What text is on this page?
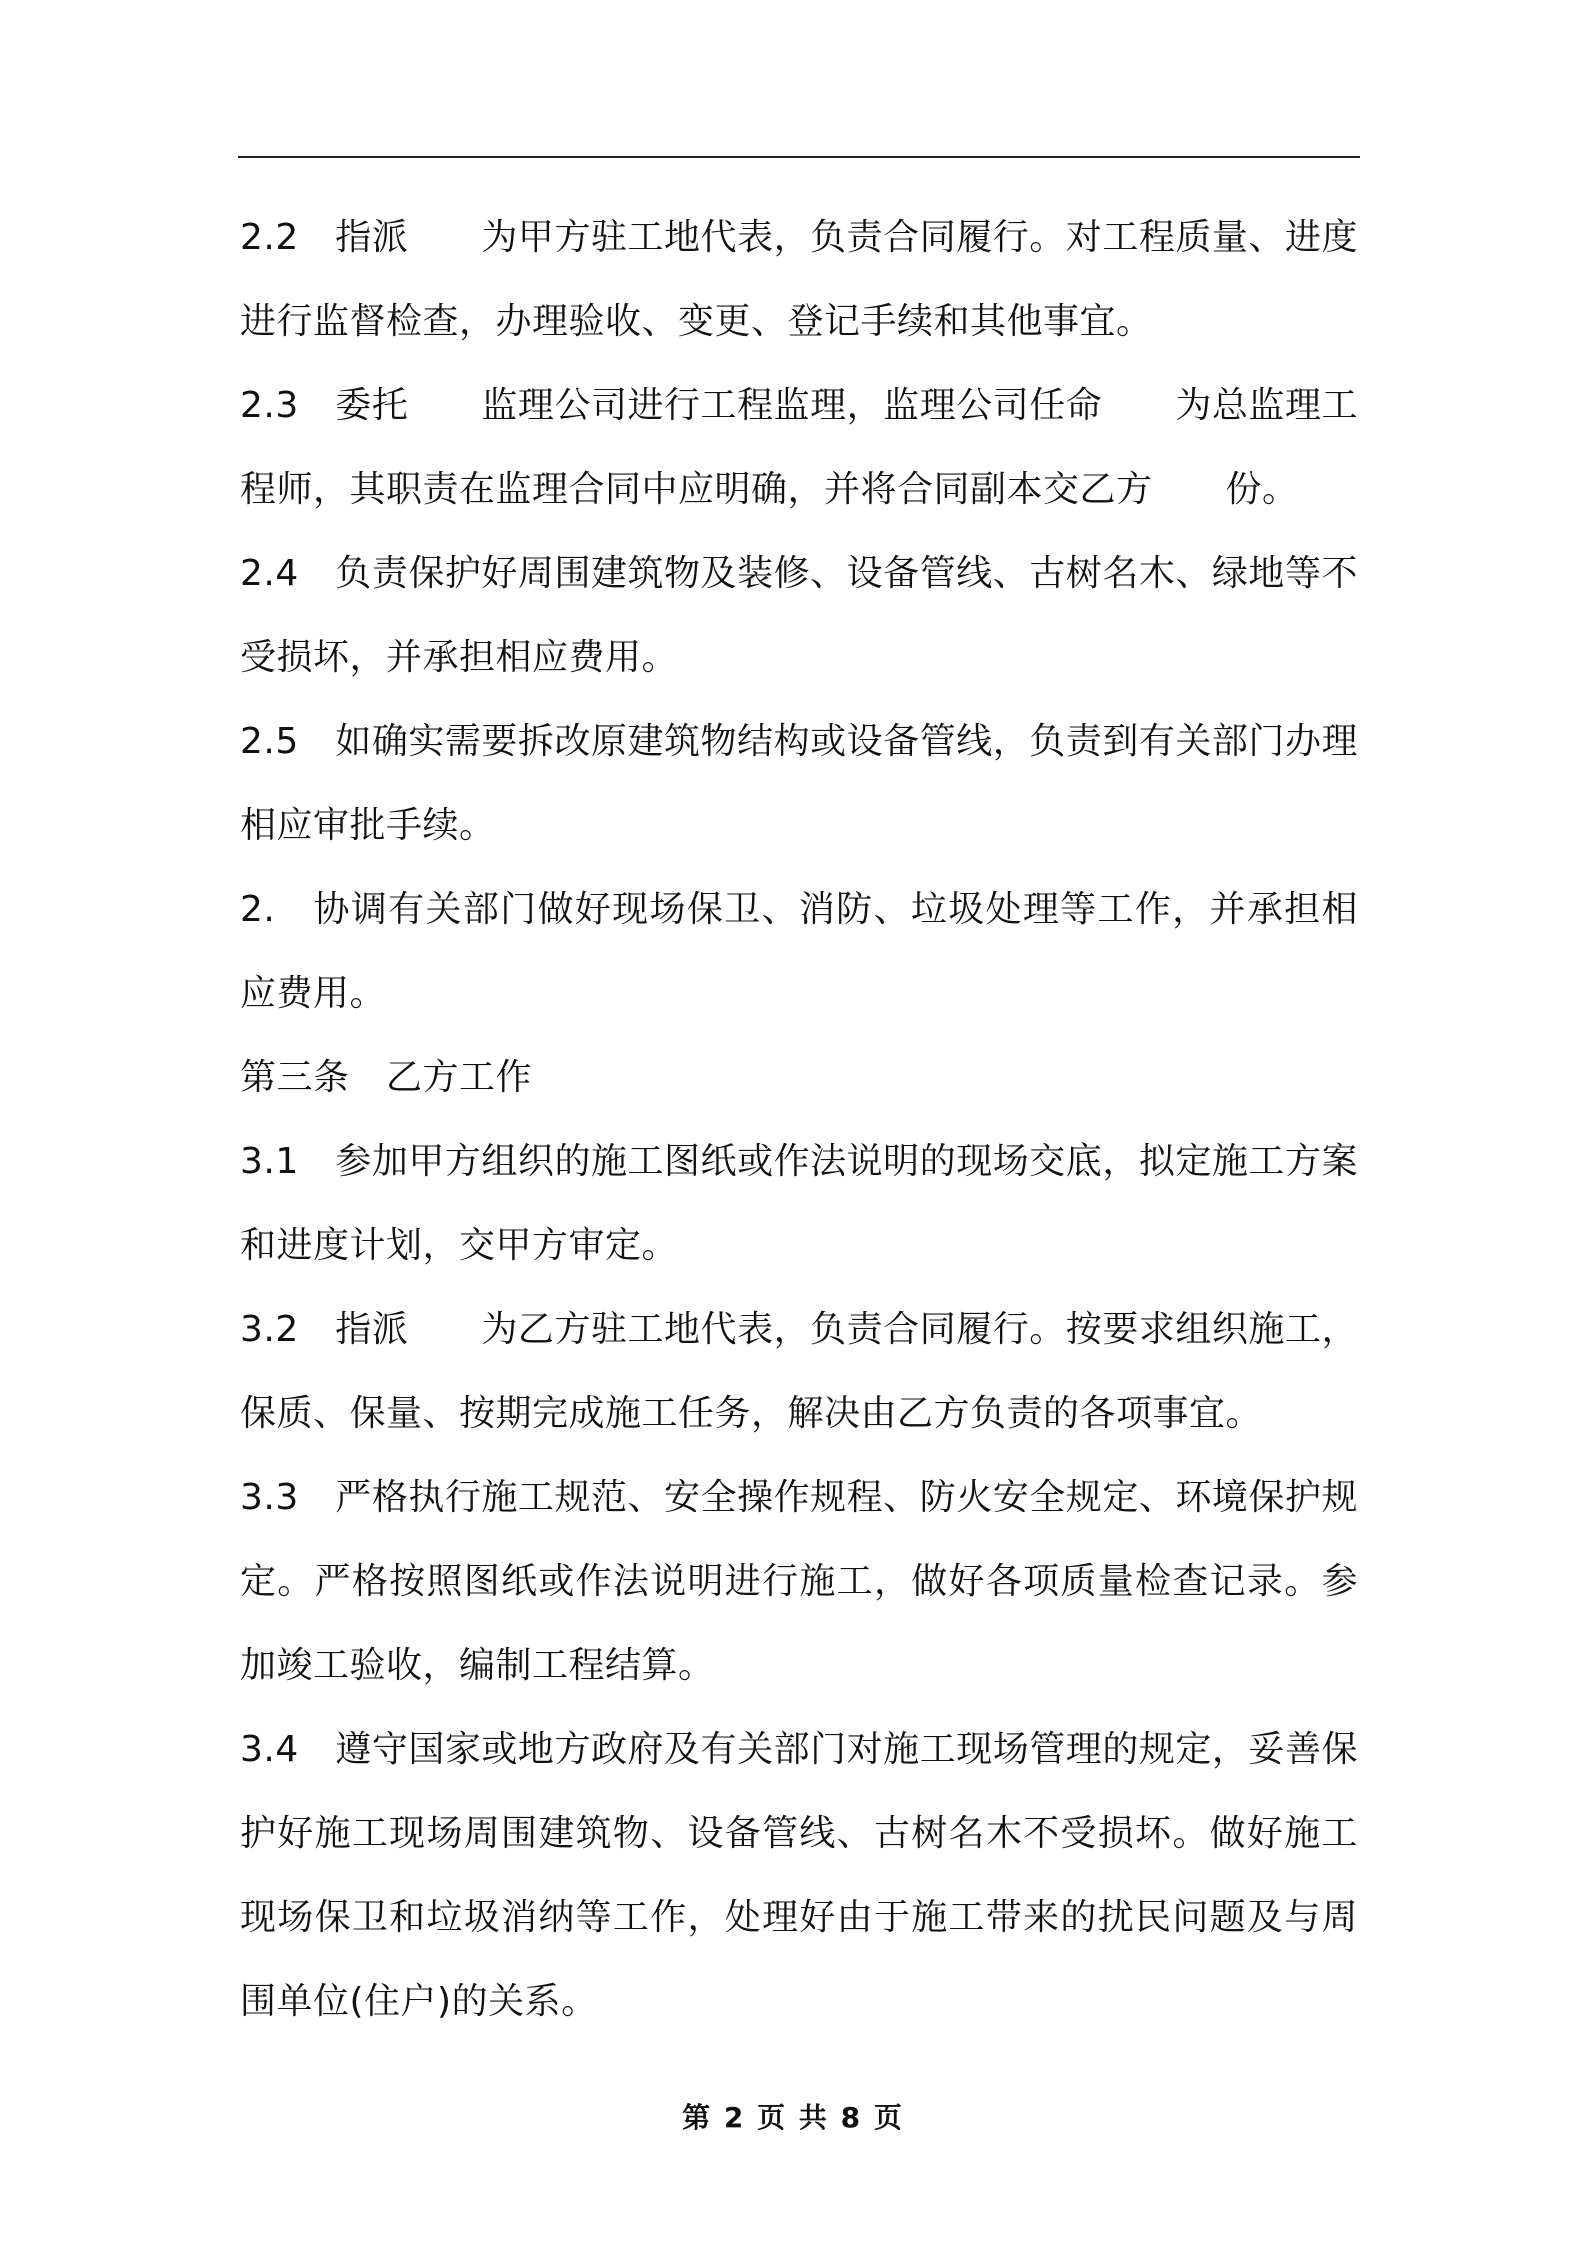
2.2　指派　　为甲方驻工地代表，负责合同履行。对工程质量、进度进行监督检查，办理验收、变更、登记手续和其他事宜。

2.3　委托　　监理公司进行工程监理，监理公司任命　　为总监理工程师，其职责在监理合同中应明确，并将合同副本交乙方　　份。

2.4　负责保护好周围建筑物及装修、设备管线、古树名木、绿地等不受损坏，并承担相应费用。

2.5　如确实需要拆改原建筑物结构或设备管线，负责到有关部门办理相应审批手续。

2.　协调有关部门做好现场保卫、消防、垃圾处理等工作，并承担相应费用。

第三条　乙方工作

3.1　参加甲方组织的施工图纸或作法说明的现场交底，拟定施工方案和进度计划，交甲方审定。

3.2　指派　　为乙方驻工地代表，负责合同履行。按要求组织施工，保质、保量、按期完成施工任务，解决由乙方负责的各项事宜。

3.3　严格执行施工规范、安全操作规程、防火安全规定、环境保护规定。严格按照图纸或作法说明进行施工，做好各项质量检查记录。参加竣工验收，编制工程结算。

3.4　遵守国家或地方政府及有关部门对施工现场管理的规定，妥善保护好施工现场周围建筑物、设备管线、古树名木不受损坏。做好施工现场保卫和垃圾消纳等工作，处理好由于施工带来的扰民问题及与周围单位(住户)的关系。

第 2 页 共 8 页
